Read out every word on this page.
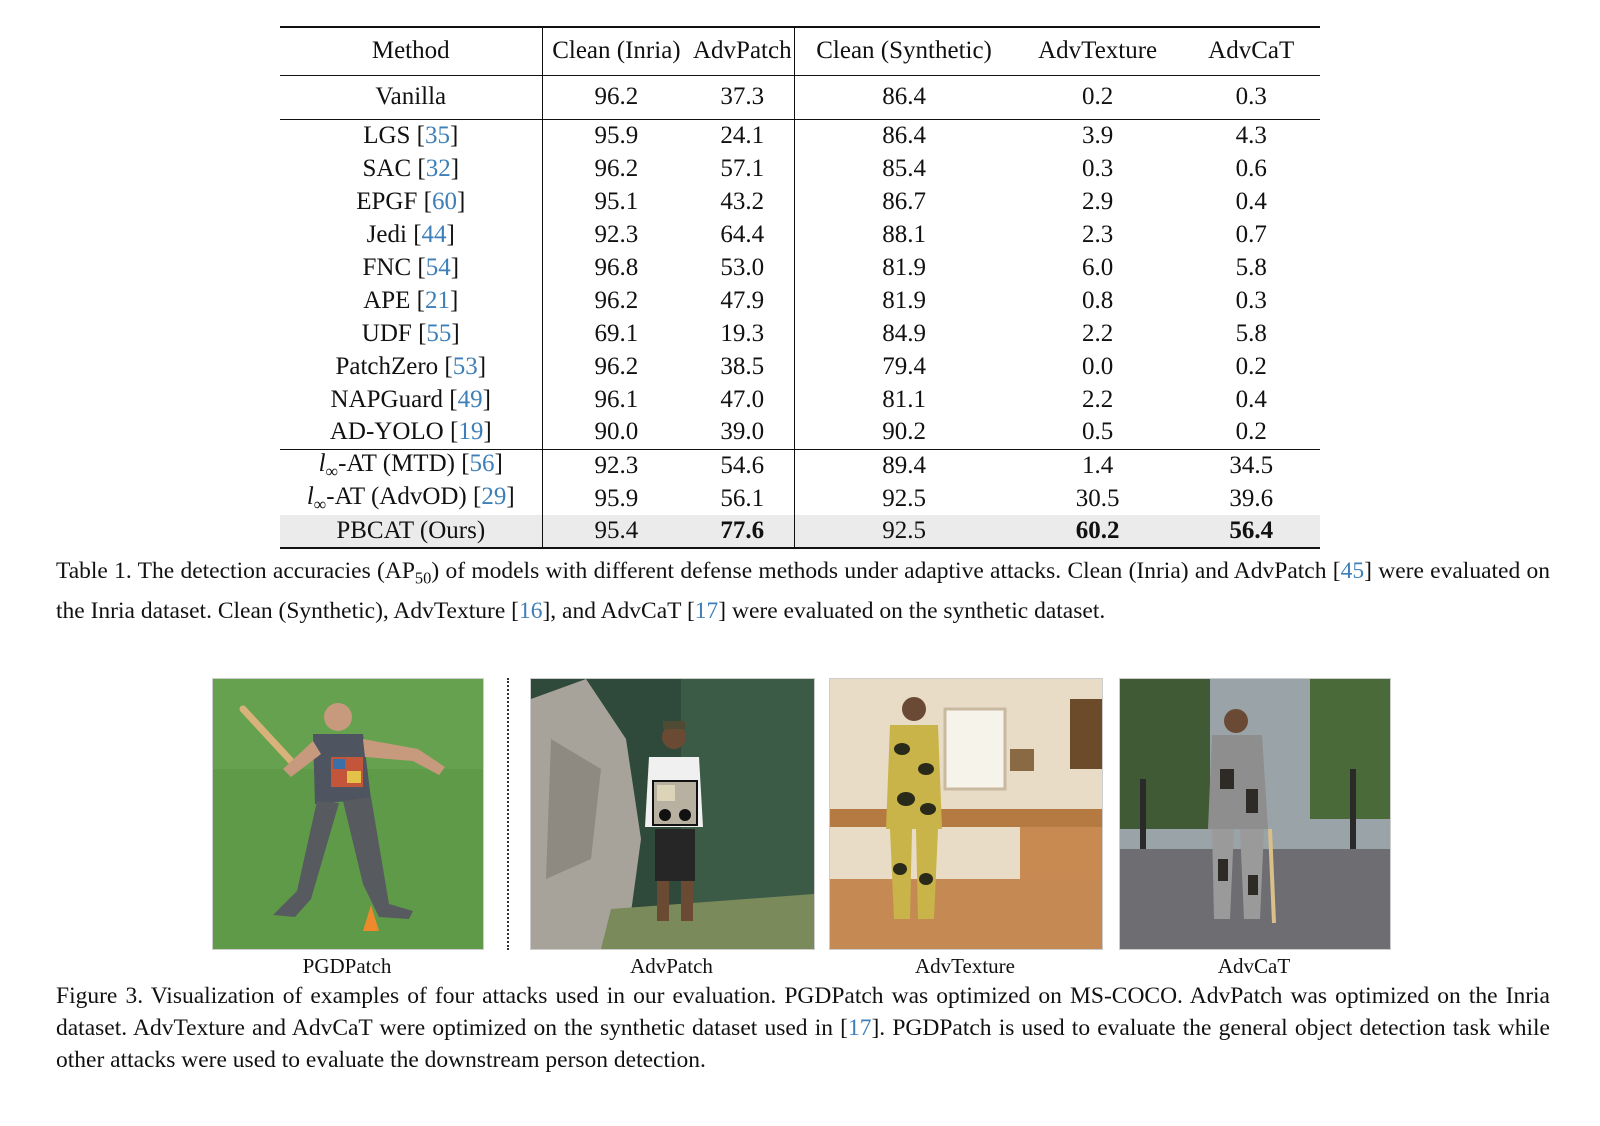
Method	Clean (Inria)	AdvPatch	Clean (Synthetic)	AdvTexture	AdvCaT
Vanilla	96.2	37.3	86.4	0.2	0.3
LGS [35]	95.9	24.1	86.4	3.9	4.3
SAC [32]	96.2	57.1	85.4	0.3	0.6
EPGF [60]	95.1	43.2	86.7	2.9	0.4
Jedi [44]	92.3	64.4	88.1	2.3	0.7
FNC [54]	96.8	53.0	81.9	6.0	5.8
APE [21]	96.2	47.9	81.9	0.8	0.3
UDF [55]	69.1	19.3	84.9	2.2	5.8
PatchZero [53]	96.2	38.5	79.4	0.0	0.2
NAPGuard [49]	96.1	47.0	81.1	2.2	0.4
AD-YOLO [19]	90.0	39.0	90.2	0.5	0.2
$l_\infty-AT$ (MTD) [56]	92.3	54.6	89.4	1.4	34.5
$l_\infty-AT$ (AdvOD) [29]	95.9	56.1	92.5	30.5	39.6
PBCAT (Ours)	95.4	77.6	92.5	60.2	56.4

Table 1. The detection accuracies $(AP_{50})$ of models with different defense methods under adaptive attacks. Clean (Inria) and AdvPatch [45] were evaluated on the Inria dataset. Clean (Synthetic), AdvTexture [16], and AdvCaT [17] were evaluated on the synthetic dataset.

PGDPatch	AdvPatch	AdvTexture	AdvCaT

Figure 3. Visualization of examples of four attacks used in our evaluation. PGDPatch was optimized on MS-COCO. AdvPatch was optimized on the Inria dataset. AdvTexture and AdvCaT were optimized on the synthetic dataset used in [17]. PGDPatch is used to evaluate the general object detection task while other attacks were used to evaluate the downstream person detection.
